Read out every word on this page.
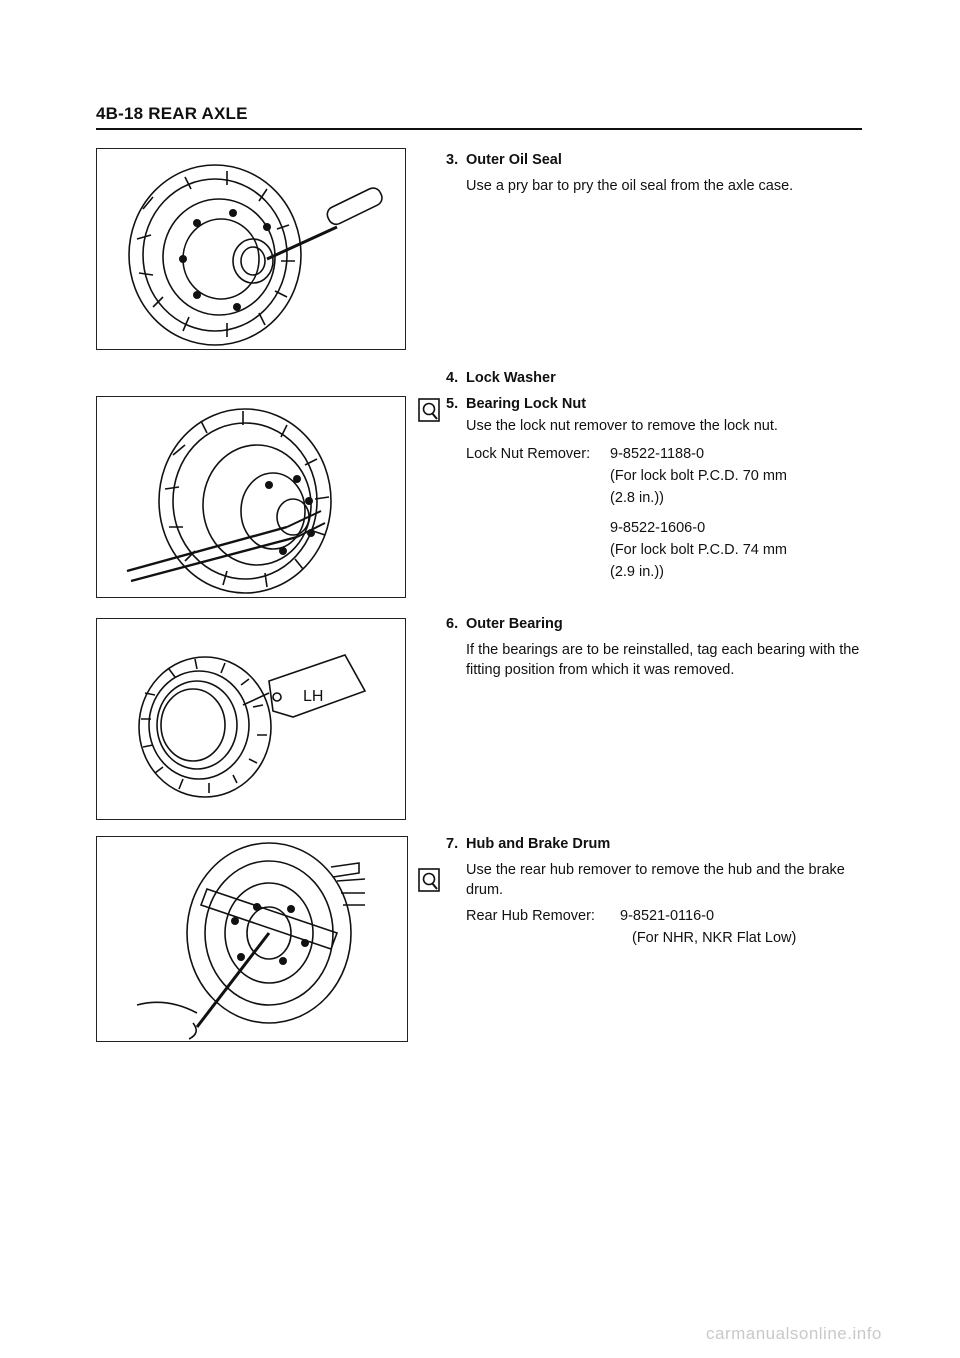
4B-18 REAR AXLE
LH
3. Outer Oil Seal
Use a pry bar to pry the oil seal from the axle case.
4. Lock Washer
5. Bearing Lock Nut
Use the lock nut remover to remove the lock nut.
Lock Nut Remover: 9-8522-1188-0
(For lock bolt P.C.D. 70 mm
(2.8 in.))
9-8522-1606-0
(For lock bolt P.C.D. 74 mm
(2.9 in.))
6. Outer Bearing
If the bearings are to be reinstalled, tag each bearing with the fitting position from which it was removed.
7. Hub and Brake Drum
Use the rear hub remover to remove the hub and the brake drum.
Rear Hub Remover: 9-8521-0116-0
(For NHR, NKR Flat Low)
carmanualsonline.info
